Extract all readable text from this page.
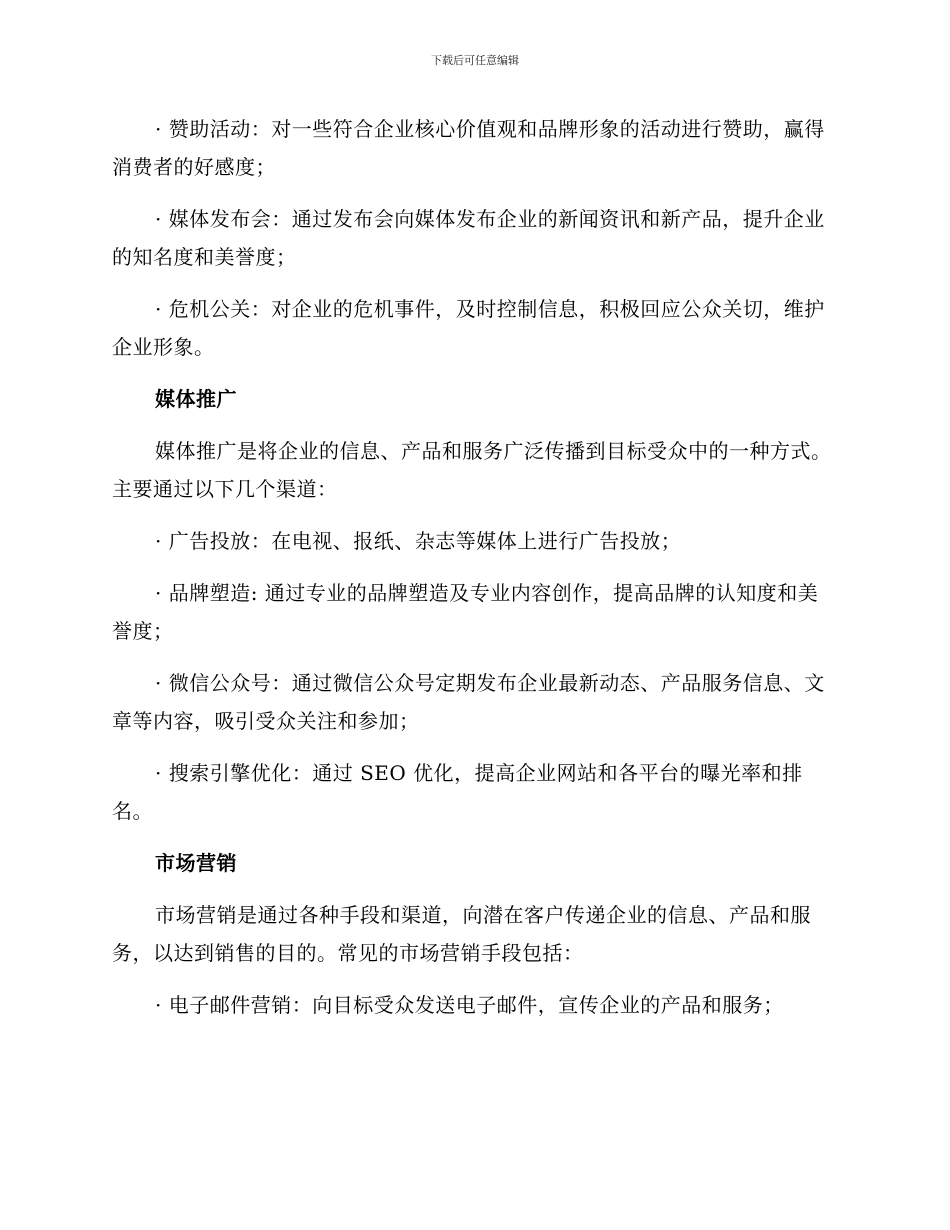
下载后可任意编辑

· 赞助活动：对一些符合企业核心价值观和品牌形象的活动进行赞助，赢得消费者的好感度；

· 媒体发布会：通过发布会向媒体发布企业的新闻资讯和新产品，提升企业的知名度和美誉度；

· 危机公关：对企业的危机事件，及时控制信息，积极回应公众关切，维护企业形象。

媒体推广

媒体推广是将企业的信息、产品和服务广泛传播到目标受众中的一种方式。主要通过以下几个渠道：

· 广告投放：在电视、报纸、杂志等媒体上进行广告投放；

· 品牌塑造: 通过专业的品牌塑造及专业内容创作，提高品牌的认知度和美誉度；

· 微信公众号：通过微信公众号定期发布企业最新动态、产品服务信息、文章等内容，吸引受众关注和参加；

· 搜索引擎优化：通过 SEO 优化，提高企业网站和各平台的曝光率和排名。

市场营销

市场营销是通过各种手段和渠道，向潜在客户传递企业的信息、产品和服务，以达到销售的目的。常见的市场营销手段包括：

· 电子邮件营销：向目标受众发送电子邮件，宣传企业的产品和服务；
